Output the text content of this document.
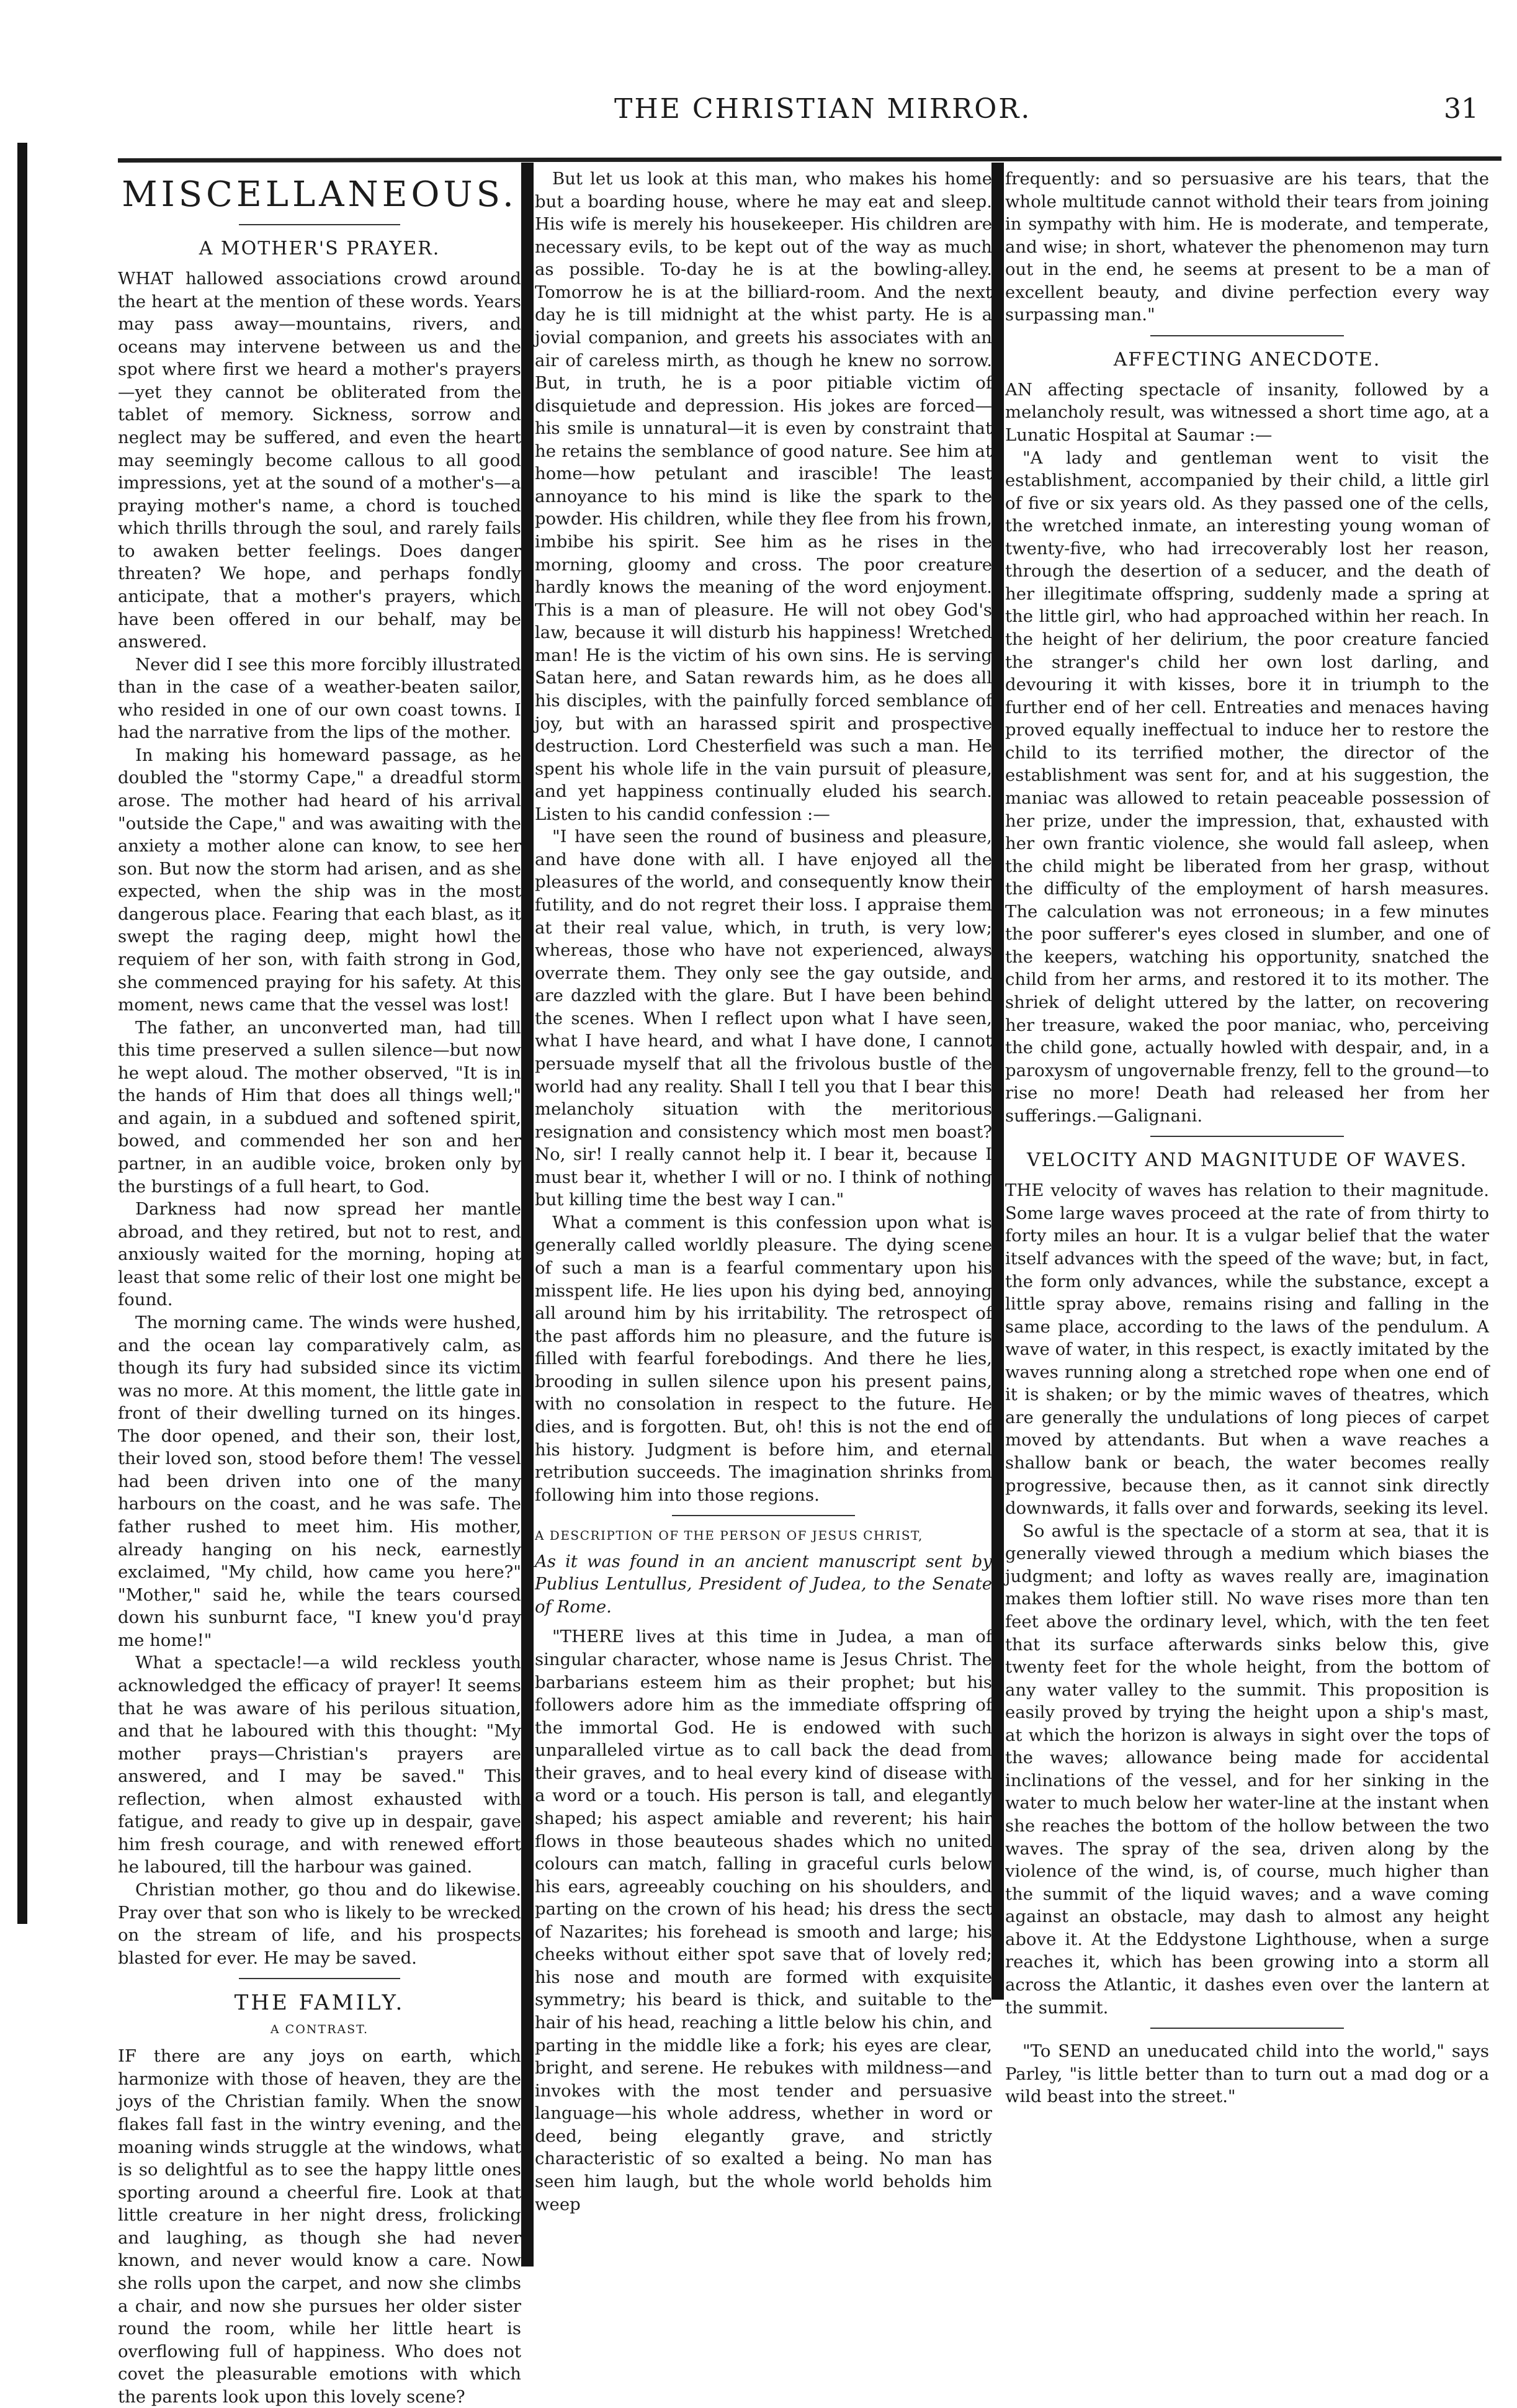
THE CHRISTIAN MIRROR.	31
MISCELLANEOUS.
A MOTHER'S PRAYER.

WHAT hallowed associations crowd around the heart at the mention of these words. Years may pass away—mountains, rivers, and oceans may intervene between us and the spot where first we heard a mother's prayers—yet they cannot be obliterated from the tablet of memory. Sickness, sorrow and neglect may be suffered, and even the heart may seemingly become callous to all good impressions, yet at the sound of a mother's—a praying mother's name, a chord is touched which thrills through the soul, and rarely fails to awaken better feelings. Does danger threaten? We hope, and perhaps fondly anticipate, that a mother's prayers, which have been offered in our behalf, may be answered.

Never did I see this more forcibly illustrated than in the case of a weather-beaten sailor, who resided in one of our own coast towns. I had the narrative from the lips of the mother.

In making his homeward passage, as he doubled the "stormy Cape," a dreadful storm arose. The mother had heard of his arrival "outside the Cape," and was awaiting with the anxiety a mother alone can know, to see her son. But now the storm had arisen, and as she expected, when the ship was in the most dangerous place. Fearing that each blast, as it swept the raging deep, might howl the requiem of her son, with faith strong in God, she commenced praying for his safety. At this moment, news came that the vessel was lost!

The father, an unconverted man, had till this time preserved a sullen silence—but now he wept aloud. The mother observed, "It is in the hands of Him that does all things well;" and again, in a subdued and softened spirit, bowed, and commended her son and her partner, in an audible voice, broken only by the burstings of a full heart, to God.

Darkness had now spread her mantle abroad, and they retired, but not to rest, and anxiously waited for the morning, hoping at least that some relic of their lost one might be found.

The morning came. The winds were hushed, and the ocean lay comparatively calm, as though its fury had subsided since its victim was no more. At this moment, the little gate in front of their dwelling turned on its hinges. The door opened, and their son, their lost, their loved son, stood before them! The vessel had been driven into one of the many harbours on the coast, and he was safe. The father rushed to meet him. His mother, already hanging on his neck, earnestly exclaimed, "My child, how came you here?" "Mother," said he, while the tears coursed down his sunburnt face, "I knew you'd pray me home!"

What a spectacle!—a wild reckless youth acknowledged the efficacy of prayer! It seems that he was aware of his perilous situation, and that he laboured with this thought: "My mother prays—Christian's prayers are answered, and I may be saved." This reflection, when almost exhausted with fatigue, and ready to give up in despair, gave him fresh courage, and with renewed effort he laboured, till the harbour was gained.

Christian mother, go thou and do likewise. Pray over that son who is likely to be wrecked on the stream of life, and his prospects blasted for ever. He may be saved.

THE FAMILY.
A CONTRAST.

IF there are any joys on earth, which harmonize with those of heaven, they are the joys of the Christian family. When the snow flakes fall fast in the wintry evening, and the moaning winds struggle at the windows, what is so delightful as to see the happy little ones sporting around a cheerful fire. Look at that little creature in her night dress, frolicking and laughing, as though she had never known, and never would know a care. Now she rolls upon the carpet, and now she climbs a chair, and now she pursues her older sister round the room, while her little heart is overflowing full of happiness. Who does not covet the pleasurable emotions with which the parents look upon this lovely scene?

But let us look at this man, who makes his home but a boarding house, where he may eat and sleep. His wife is merely his housekeeper. His children are necessary evils, to be kept out of the way as much as possible. To-day he is at the bowling-alley. Tomorrow he is at the billiard-room. And the next day he is till midnight at the whist party. He is a jovial companion, and greets his associates with an air of careless mirth, as though he knew no sorrow. But, in truth, he is a poor pitiable victim of disquietude and depression. His jokes are forced—his smile is unnatural—it is even by constraint that he retains the semblance of good nature. See him at home—how petulant and irascible! The least annoyance to his mind is like the spark to the powder. His children, while they flee from his frown, imbibe his spirit. See him as he rises in the morning, gloomy and cross. The poor creature hardly knows the meaning of the word enjoyment. This is a man of pleasure. He will not obey God's law, because it will disturb his happiness! Wretched man! He is the victim of his own sins. He is serving Satan here, and Satan rewards him, as he does all his disciples, with the painfully forced semblance of joy, but with an harassed spirit and prospective destruction. Lord Chesterfield was such a man. He spent his whole life in the vain pursuit of pleasure, and yet happiness continually eluded his search. Listen to his candid confession :—

"I have seen the round of business and pleasure, and have done with all. I have enjoyed all the pleasures of the world, and consequently know their futility, and do not regret their loss. I appraise them at their real value, which, in truth, is very low; whereas, those who have not experienced, always overrate them. They only see the gay outside, and are dazzled with the glare. But I have been behind the scenes. When I reflect upon what I have seen, what I have heard, and what I have done, I cannot persuade myself that all the frivolous bustle of the world had any reality. Shall I tell you that I bear this melancholy situation with the meritorious resignation and consistency which most men boast? No, sir! I really cannot help it. I bear it, because I must bear it, whether I will or no. I think of nothing but killing time the best way I can."

What a comment is this confession upon what is generally called worldly pleasure. The dying scene of such a man is a fearful commentary upon his misspent life. He lies upon his dying bed, annoying all around him by his irritability. The retrospect of the past affords him no pleasure, and the future is filled with fearful forebodings. And there he lies, brooding in sullen silence upon his present pains, with no consolation in respect to the future. He dies, and is forgotten. But, oh! this is not the end of his history. Judgment is before him, and eternal retribution succeeds. The imagination shrinks from following him into those regions.

A DESCRIPTION OF THE PERSON OF JESUS CHRIST,

As it was found in an ancient manuscript sent by Publius Lentullus, President of Judea, to the Senate of Rome.

"THERE lives at this time in Judea, a man of singular character, whose name is Jesus Christ. The barbarians esteem him as their prophet; but his followers adore him as the immediate offspring of the immortal God. He is endowed with such unparalleled virtue as to call back the dead from their graves, and to heal every kind of disease with a word or a touch. His person is tall, and elegantly shaped; his aspect amiable and reverent; his hair flows in those beauteous shades which no united colours can match, falling in graceful curls below his ears, agreeably couching on his shoulders, and parting on the crown of his head; his dress the sect of Nazarites; his forehead is smooth and large; his cheeks without either spot save that of lovely red; his nose and mouth are formed with exquisite symmetry; his beard is thick, and suitable to the hair of his head, reaching a little below his chin, and parting in the middle like a fork; his eyes are clear, bright, and serene. He rebukes with mildness—and invokes with the most tender and persuasive language—his whole address, whether in word or deed, being elegantly grave, and strictly characteristic of so exalted a being. No man has seen him laugh, but the whole world beholds him weep

frequently: and so persuasive are his tears, that the whole multitude cannot withold their tears from joining in sympathy with him. He is moderate, and temperate, and wise; in short, whatever the phenomenon may turn out in the end, he seems at present to be a man of excellent beauty, and divine perfection every way surpassing man."

AFFECTING ANECDOTE.

AN affecting spectacle of insanity, followed by a melancholy result, was witnessed a short time ago, at a Lunatic Hospital at Saumar :—

"A lady and gentleman went to visit the establishment, accompanied by their child, a little girl of five or six years old. As they passed one of the cells, the wretched inmate, an interesting young woman of twenty-five, who had irrecoverably lost her reason, through the desertion of a seducer, and the death of her illegitimate offspring, suddenly made a spring at the little girl, who had approached within her reach. In the height of her delirium, the poor creature fancied the stranger's child her own lost darling, and devouring it with kisses, bore it in triumph to the further end of her cell. Entreaties and menaces having proved equally ineffectual to induce her to restore the child to its terrified mother, the director of the establishment was sent for, and at his suggestion, the maniac was allowed to retain peaceable possession of her prize, under the impression, that, exhausted with her own frantic violence, she would fall asleep, when the child might be liberated from her grasp, without the difficulty of the employment of harsh measures. The calculation was not erroneous; in a few minutes the poor sufferer's eyes closed in slumber, and one of the keepers, watching his opportunity, snatched the child from her arms, and restored it to its mother. The shriek of delight uttered by the latter, on recovering her treasure, waked the poor maniac, who, perceiving the child gone, actually howled with despair, and, in a paroxysm of ungovernable frenzy, fell to the ground—to rise no more! Death had released her from her sufferings.—Galignani.

VELOCITY AND MAGNITUDE OF WAVES.

THE velocity of waves has relation to their magnitude. Some large waves proceed at the rate of from thirty to forty miles an hour. It is a vulgar belief that the water itself advances with the speed of the wave; but, in fact, the form only advances, while the substance, except a little spray above, remains rising and falling in the same place, according to the laws of the pendulum. A wave of water, in this respect, is exactly imitated by the waves running along a stretched rope when one end of it is shaken; or by the mimic waves of theatres, which are generally the undulations of long pieces of carpet moved by attendants. But when a wave reaches a shallow bank or beach, the water becomes really progressive, because then, as it cannot sink directly downwards, it falls over and forwards, seeking its level.

So awful is the spectacle of a storm at sea, that it is generally viewed through a medium which biases the judgment; and lofty as waves really are, imagination makes them loftier still. No wave rises more than ten feet above the ordinary level, which, with the ten feet that its surface afterwards sinks below this, give twenty feet for the whole height, from the bottom of any water valley to the summit. This proposition is easily proved by trying the height upon a ship's mast, at which the horizon is always in sight over the tops of the waves; allowance being made for accidental inclinations of the vessel, and for her sinking in the water to much below her water-line at the instant when she reaches the bottom of the hollow between the two waves. The spray of the sea, driven along by the violence of the wind, is, of course, much higher than the summit of the liquid waves; and a wave coming against an obstacle, may dash to almost any height above it. At the Eddystone Lighthouse, when a surge reaches it, which has been growing into a storm all across the Atlantic, it dashes even over the lantern at the summit.

"To SEND an uneducated child into the world," says Parley, "is little better than to turn out a mad dog or a wild beast into the street."
